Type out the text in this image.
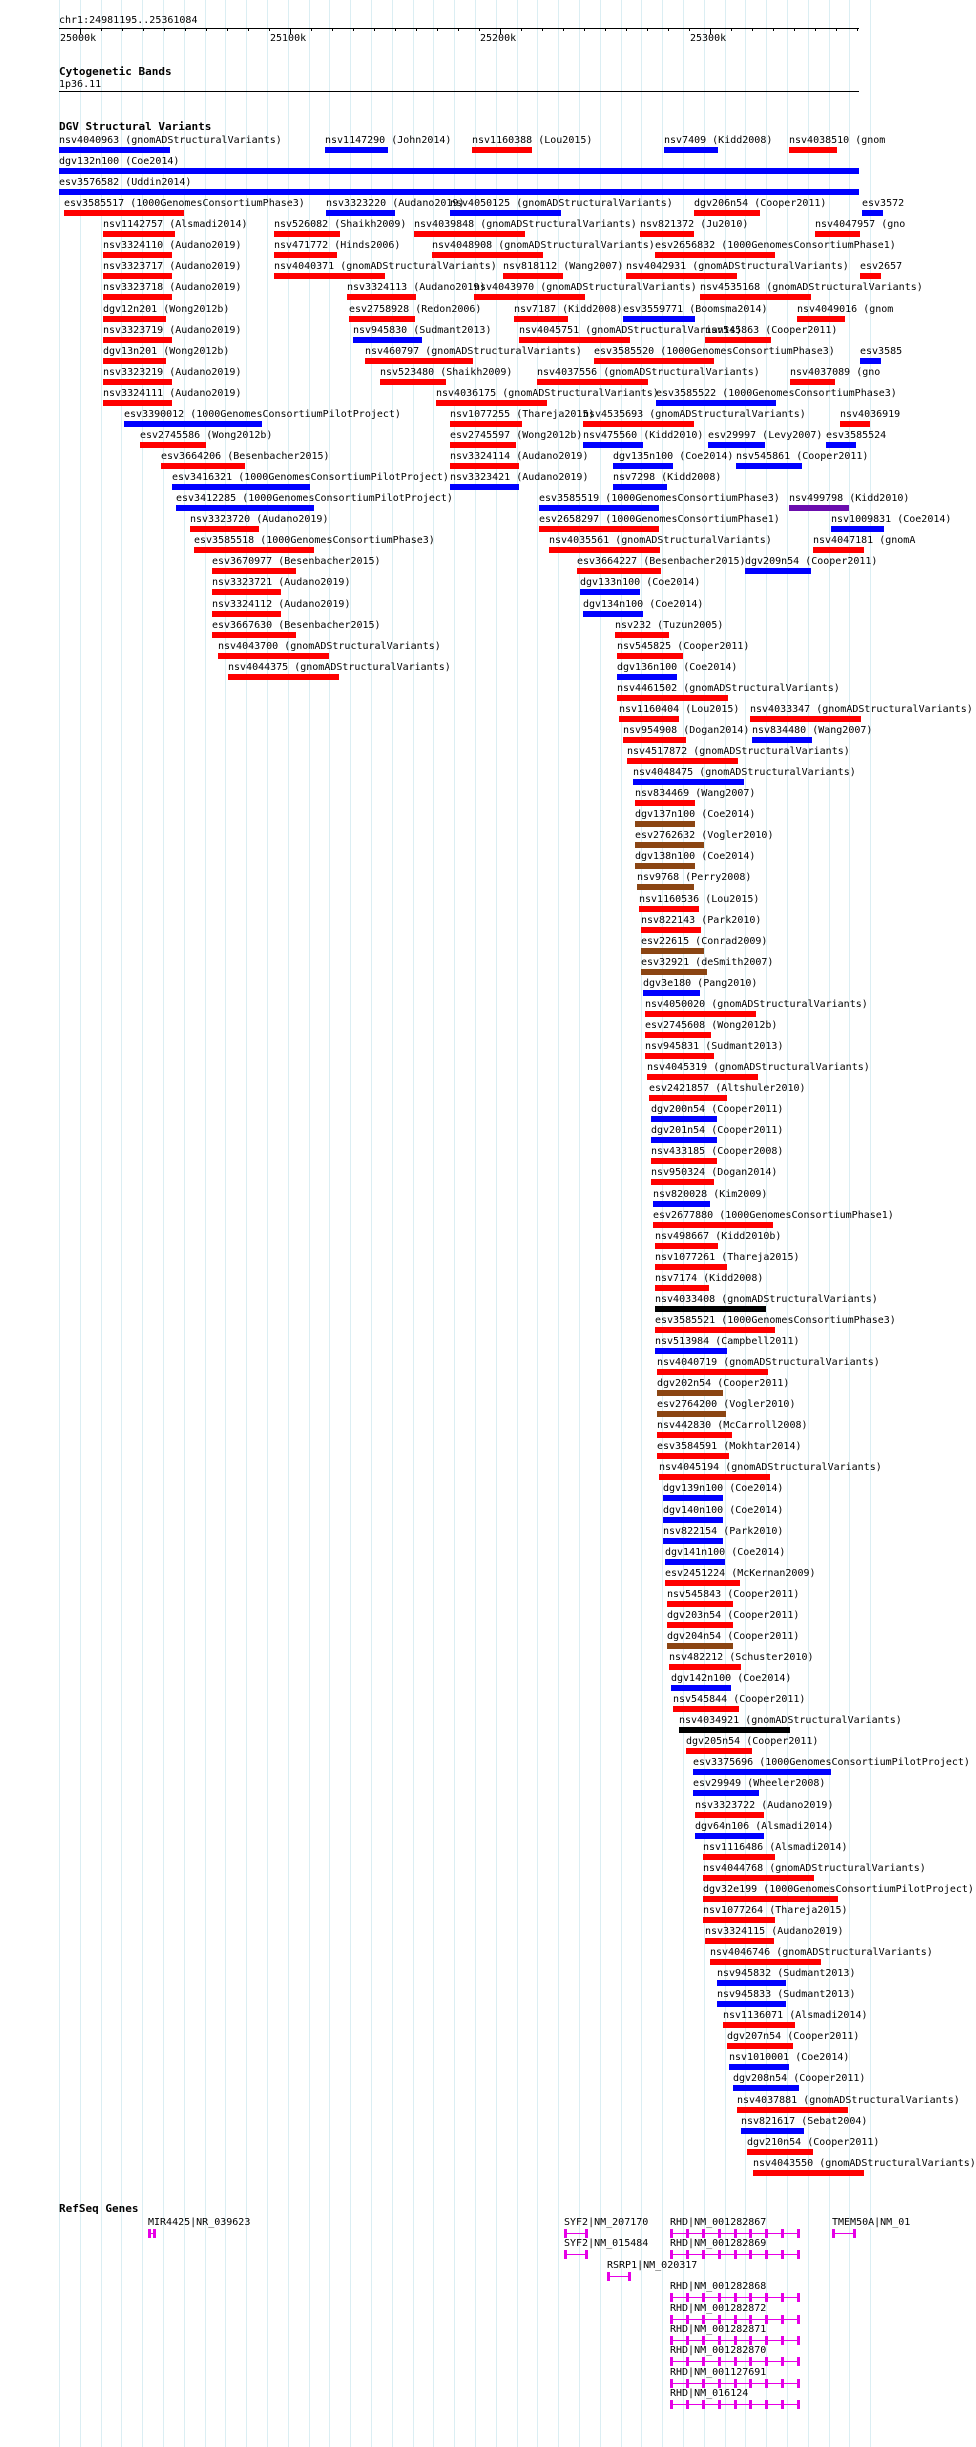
chr1:24981195..25361084
25000k	25100k	25200k	25300k
Cytogenetic Bands
1p36.11
DGV Structural Variants
nsv4040963 (gnomADStructuralVariants)	nsv1147290 (John2014) nsv1160388 (Lou2015)	nsv7409 (Kidd2008) nsv4038510 (gnom
dgv132n100 (Coe2014)
esv3576582 (Uddin2014)
esv3585517 (1000GenomesConsortiumPhase3) nsv3323220 (Audano2019)
nsv4050125 (gnomADStructuralVariants) dgv206n54 (Cooper2011)	esv3572
nsv1142757 (Alsmadi2014)	nsv526082 (Shaikh2009) nsv4039848 (gnomADStructuralVariants) nsv821372 (Ju2010)	nsv4047957 (gno
nsv3324110 (Audano2019)	nsv471772 (Hinds2006)	nsv4048908 (gnomADStructuralVariants) esv2656832 (1000GenomesConsortiumPhase1)
nsv3323717 (Audano2019)	nsv4040371 (gnomADStructuralVariants) nsv818112 (Wang2007) nsv4042931 (gnomADStructuralVariants) esv2657
nsv3323718 (Audano2019)	nsv3324113 (Audano2019)
nsv4043970 (gnomADStructuralVariants) nsv4535168 (gnomADStructuralVariants)
dgv12n201 (Wong2012b)	esv2758928 (Redon2006)	nsv7187 (Kidd2008) esv3559771 (Boomsma2014)	nsv4049016 (gnom
nsv3323719 (Audano2019)	nsv945830 (Sudmant2013)	nsv4045751 (gnomADStructuralVariants)
nsv545863 (Cooper2011)
dgv13n201 (Wong2012b)	nsv460797 (gnomADStructuralVariants) esv3585520 (1000GenomesConsortiumPhase3)	esv3585
nsv3323219 (Audano2019)	nsv523480 (Shaikh2009) nsv4037556 (gnomADStructuralVariants)	nsv4037089 (gno
nsv3324111 (Audano2019)	nsv4036175 (gnomADStructuralVariants)
esv3585522 (1000GenomesConsortiumPhase3)
esv3390012 (1000GenomesConsortiumPilotProject)	nsv1077255 (Thareja2015)
nsv4535693 (gnomADStructuralVariants)	nsv4036919
esv2745586 (Wong2012b)	esv2745597 (Wong2012b) nsv475560 (Kidd2010) esv29997 (Levy2007) esv3585524
esv3664206 (Besenbacher2015)	nsv3324114 (Audano2019) dgv135n100 (Coe2014) nsv545861 (Cooper2011)
esv3416321 (1000GenomesConsortiumPilotProject) nsv3323421 (Audano2019) nsv7298 (Kidd2008)
esv3412285 (1000GenomesConsortiumPilotProject)	esv3585519 (1000GenomesConsortiumPhase3) nsv499798 (Kidd2010)
nsv3323720 (Audano2019)	esv2658297 (1000GenomesConsortiumPhase1)	nsv1009831 (Coe2014)
esv3585518 (1000GenomesConsortiumPhase3)	nsv4035561 (gnomADStructuralVariants)	nsv4047181 (gnomA
esv3670977 (Besenbacher2015)	esv3664227 (Besenbacher2015) dgv209n54 (Cooper2011)
nsv3323721 (Audano2019)	dgv133n100 (Coe2014)
nsv3324112 (Audano2019)	dgv134n100 (Coe2014)
esv3667630 (Besenbacher2015)	nsv232 (Tuzun2005)
nsv4043700 (gnomADStructuralVariants)	nsv545825 (Cooper2011)
nsv4044375 (gnomADStructuralVariants)	dgv136n100 (Coe2014)
nsv4461502 (gnomADStructuralVariants)
nsv1160404 (Lou2015) nsv4033347 (gnomADStructuralVariants)
nsv954908 (Dogan2014) nsv834480 (Wang2007)
nsv4517872 (gnomADStructuralVariants)
nsv4048475 (gnomADStructuralVariants)
nsv834469 (Wang2007)
dgv137n100 (Coe2014)
esv2762632 (Vogler2010)
dgv138n100 (Coe2014)
nsv9768 (Perry2008)
nsv1160536 (Lou2015)
nsv822143 (Park2010)
esv22615 (Conrad2009)
esv32921 (deSmith2007)
dgv3e180 (Pang2010)
nsv4050020 (gnomADStructuralVariants)
esv2745608 (Wong2012b)
nsv945831 (Sudmant2013)
nsv4045319 (gnomADStructuralVariants)
esv2421857 (Altshuler2010)
dgv200n54 (Cooper2011)
dgv201n54 (Cooper2011)
nsv433185 (Cooper2008)
nsv950324 (Dogan2014)
nsv820028 (Kim2009)
esv2677880 (1000GenomesConsortiumPhase1)
nsv498667 (Kidd2010b)
nsv1077261 (Thareja2015)
nsv7174 (Kidd2008)
nsv4033408 (gnomADStructuralVariants)
esv3585521 (1000GenomesConsortiumPhase3)
nsv513984 (Campbell2011)
nsv4040719 (gnomADStructuralVariants)
dgv202n54 (Cooper2011)
esv2764200 (Vogler2010)
nsv442830 (McCarroll2008)
esv3584591 (Mokhtar2014)
nsv4045194 (gnomADStructuralVariants)
dgv139n100 (Coe2014)
dgv140n100 (Coe2014)
nsv822154 (Park2010)
dgv141n100 (Coe2014)
esv2451224 (McKernan2009)
nsv545843 (Cooper2011)
dgv203n54 (Cooper2011)
dgv204n54 (Cooper2011)
nsv482212 (Schuster2010)
dgv142n100 (Coe2014)
nsv545844 (Cooper2011)
nsv4034921 (gnomADStructuralVariants)
dgv205n54 (Cooper2011)
esv3375696 (1000GenomesConsortiumPilotProject)
esv29949 (Wheeler2008)
nsv3323722 (Audano2019)
dgv64n106 (Alsmadi2014)
nsv1116486 (Alsmadi2014)
nsv4044768 (gnomADStructuralVariants)
dgv32e199 (1000GenomesConsortiumPilotProject)
nsv1077264 (Thareja2015)
nsv3324115 (Audano2019)
nsv4046746 (gnomADStructuralVariants)
nsv945832 (Sudmant2013)
nsv945833 (Sudmant2013)
nsv1136071 (Alsmadi2014)
dgv207n54 (Cooper2011)
nsv1010001 (Coe2014)
dgv208n54 (Cooper2011)
nsv4037881 (gnomADStructuralVariants)
nsv821617 (Sebat2004)
dgv210n54 (Cooper2011)
nsv4043550 (gnomADStructuralVariants)
RefSeq Genes
MIR4425|NR_039623	SYF2|NM_207170 RHD|NM_001282867	TMEM50A|NM_01
SYF2|NM_015484 RHD|NM_001282869
RSRP1|NM_020317
RHD|NM_001282868
RHD|NM_001282872
RHD|NM_001282871
RHD|NM_001282870
RHD|NM_001127691
RHD|NM_016124
